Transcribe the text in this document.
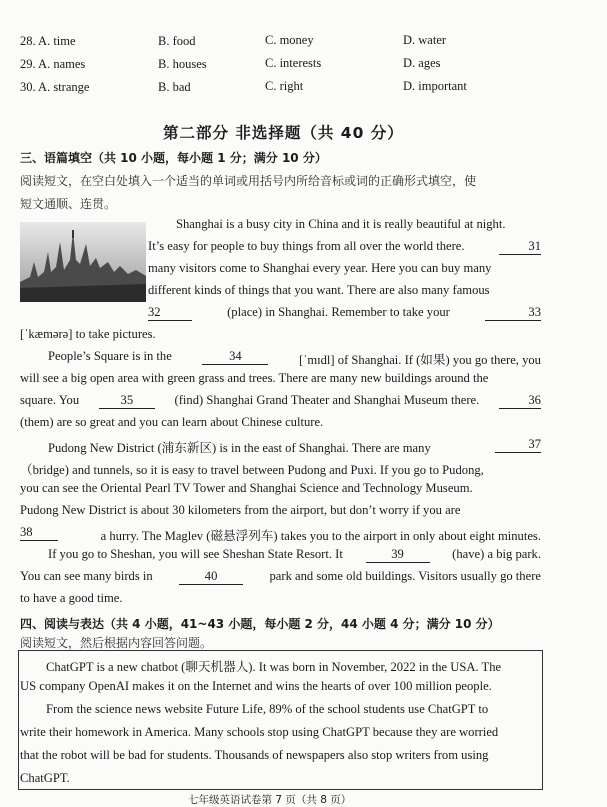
28. A. time	B. food	C. money	D. water
29. A. names	B. houses	C. interests	D. ages
30. A. strange	B. bad	C. right	D. important
第二部分 非选择题（共 40 分）
三、语篇填空（共 10 小题，每小题 1 分；满分 10 分）
阅读短文，在空白处填入一个适当的单词或用括号内所给音标或词的正确形式填空，使
短文通顺、连贯。
Shanghai is a busy city in China and it is really beautiful at night.
It’s easy for people to buy things from all over the world there.	31
many visitors come to Shanghai every year. Here you can buy many
different kinds of things that you want. There are also many famous
32	(place) in Shanghai. Remember to take your	33
[ˈkæmərə] to take pictures.
People’s Square is in the	34	[ˈmɪdl] of Shanghai. If (如果) you go there, you
will see a big open area with green grass and trees. There are many new buildings around the
square. You	35	(find) Shanghai Grand Theater and Shanghai Museum there.	36
(them) are so great and you can learn about Chinese culture.
Pudong New District (浦东新区) is in the east of Shanghai. There are many	37
（bridge) and tunnels, so it is easy to travel between Pudong and Puxi. If you go to Pudong,
you can see the Oriental Pearl TV Tower and Shanghai Science and Technology Museum.
Pudong New District is about 30 kilometers from the airport, but don’t worry if you are
38	a hurry. The Maglev (磁悬浮列车) takes you to the airport in only about eight minutes.
If you go to Sheshan, you will see Sheshan State Resort. It	39	(have) a big park.
You can see many birds in	40	park and some old buildings. Visitors usually go there
to have a good time.
四、阅读与表达（共 4 小题，41~43 小题，每小题 2 分，44 小题 4 分；满分 10 分）
阅读短文，然后根据内容回答问题。
ChatGPT is a new chatbot (聊天机器人). It was born in November, 2022 in the USA. The
US company OpenAI makes it on the Internet and wins the hearts of over 100 million people.
From the science news website Future Life, 89% of the school students use ChatGPT to
write their homework in America. Many schools stop using ChatGPT because they are worried
that the robot will be bad for students. Thousands of newspapers also stop writers from using
ChatGPT.
七年级英语试卷第 7 页（共 8 页）
